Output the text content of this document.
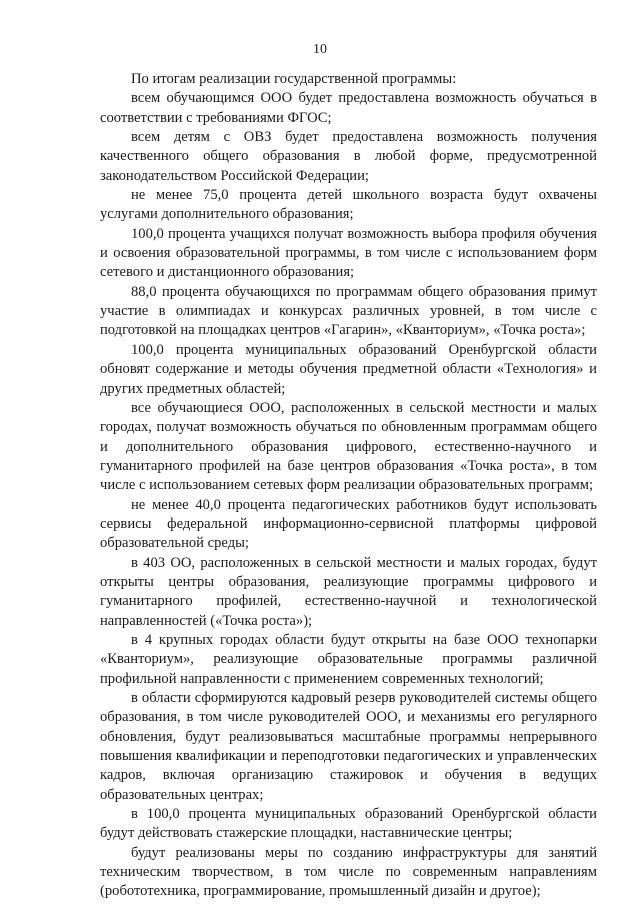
10

По итогам реализации государственной программы:

всем обучающимся ООО будет предоставлена возможность обучаться в соответствии с требованиями ФГОС;

всем детям с ОВЗ будет предоставлена возможность получения качественного общего образования в любой форме, предусмотренной законодательством Российской Федерации;

не менее 75,0 процента детей школьного возраста будут охвачены услугами дополнительного образования;

100,0 процента учащихся получат возможность выбора профиля обучения и освоения образовательной программы, в том числе с использованием форм сетевого и дистанционного образования;

88,0 процента обучающихся по программам общего образования примут участие в олимпиадах и конкурсах различных уровней, в том числе с подготовкой на площадках центров «Гагарин», «Кванториум», «Точка роста»;

100,0 процента муниципальных образований Оренбургской области обновят содержание и методы обучения предметной области «Технология» и других предметных областей;

все обучающиеся ООО, расположенных в сельской местности и малых городах, получат возможность обучаться по обновленным программам общего и дополнительного образования цифрового, естественно-научного и гуманитарного профилей на базе центров образования «Точка роста», в том числе с использованием сетевых форм реализации образовательных программ;

не менее 40,0 процента педагогических работников будут использовать сервисы федеральной информационно-сервисной платформы цифровой образовательной среды;

в 403 ОО, расположенных в сельской местности и малых городах, будут открыты центры образования, реализующие программы цифрового и гуманитарного профилей, естественно-научной и технологической направленностей («Точка роста»);

в 4 крупных городах области будут открыты на базе ООО технопарки «Кванториум», реализующие образовательные программы различной профильной направленности с применением современных технологий;

в области сформируются кадровый резерв руководителей системы общего образования, в том числе руководителей ООО, и механизмы его регулярного обновления, будут реализовываться масштабные программы непрерывного повышения квалификации и переподготовки педагогических и управленческих кадров, включая организацию стажировок и обучения в ведущих образовательных центрах;

в 100,0 процента муниципальных образований Оренбургской области будут действовать стажерские площадки, наставнические центры;

будут реализованы меры по созданию инфраструктуры для занятий техническим творчеством, в том числе по современным направлениям (робототехника, программирование, промышленный дизайн и другое);
